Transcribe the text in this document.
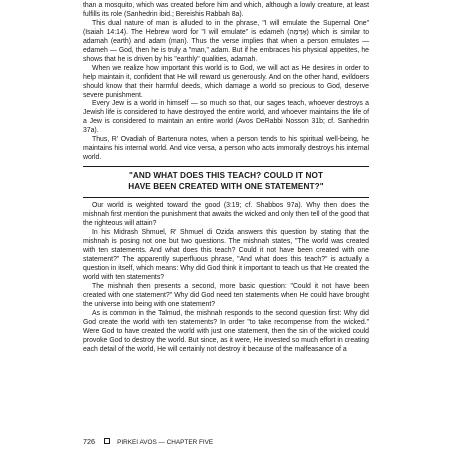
than a mosquito, which was created before him and which, although a lowly creature, at least fulfills its role (Sanhedrin ibid.; Bereishis Rabbah 8a).

This dual nature of man is alluded to in the phrase, "I will emulate the Supernal One" (Isaiah 14:14). The Hebrew word for "I will emulate" is edameh (אֶדַּמֶּה) which is similar to adamah (earth) and adam (man). Thus the verse implies that when a person emulates — edameh — God, then he is truly a "man," adam. But if he embraces his physical appetites, he shows that he is driven by his "earthly" qualities, adamah.

When we realize how important this world is to God, we will act as He desires in order to help maintain it, confident that He will reward us generously. And on the other hand, evildoers should know that their harmful deeds, which damage a world so precious to God, deserve severe punishment.

Every Jew is a world in himself — so much so that, our sages teach, whoever destroys a Jewish life is considered to have destroyed the entire world, and whoever maintains the life of a Jew is considered to maintain an entire world (Avos DeRabbi Nosson 31b; cf. Sanhedrin 37a).

Thus, R' Ovadiah of Bartenura notes, when a person tends to his spiritual well-being, he maintains his internal world. And vice versa, a person who acts immorally destroys his internal world.

"AND WHAT DOES THIS TEACH? COULD IT NOT
HAVE BEEN CREATED WITH ONE STATEMENT?"

Our world is weighted toward the good (3:19; cf. Shabbos 97a). Why then does the mishnah first mention the punishment that awaits the wicked and only then tell of the good that the righteous will attain?

In his Midrash Shmuel, R' Shmuel di Ozida answers this question by stating that the mishnah is posing not one but two questions. The mishnah states, "The world was created with ten statements. And what does this teach? Could it not have been created with one statement?" The apparently superfluous phrase, "And what does this teach?" is actually a question in itself, which means: Why did God think it important to teach us that He created the world with ten statements?

The mishnah then presents a second, more basic question: "Could it not have been created with one statement?" Why did God need ten statements when He could have brought the universe into being with one statement?

As is common in the Talmud, the mishnah responds to the second question first: Why did God create the world with ten statements? In order "to take recompense from the wicked." Were God to have created the world with just one statement, then the sin of the wicked could provoke God to destroy the world. But since, as it were, He invested so much effort in creating each detail of the world, He will certainly not destroy it because of the malfeasance of a

726	PIRKEI AVOS — CHAPTER FIVE
